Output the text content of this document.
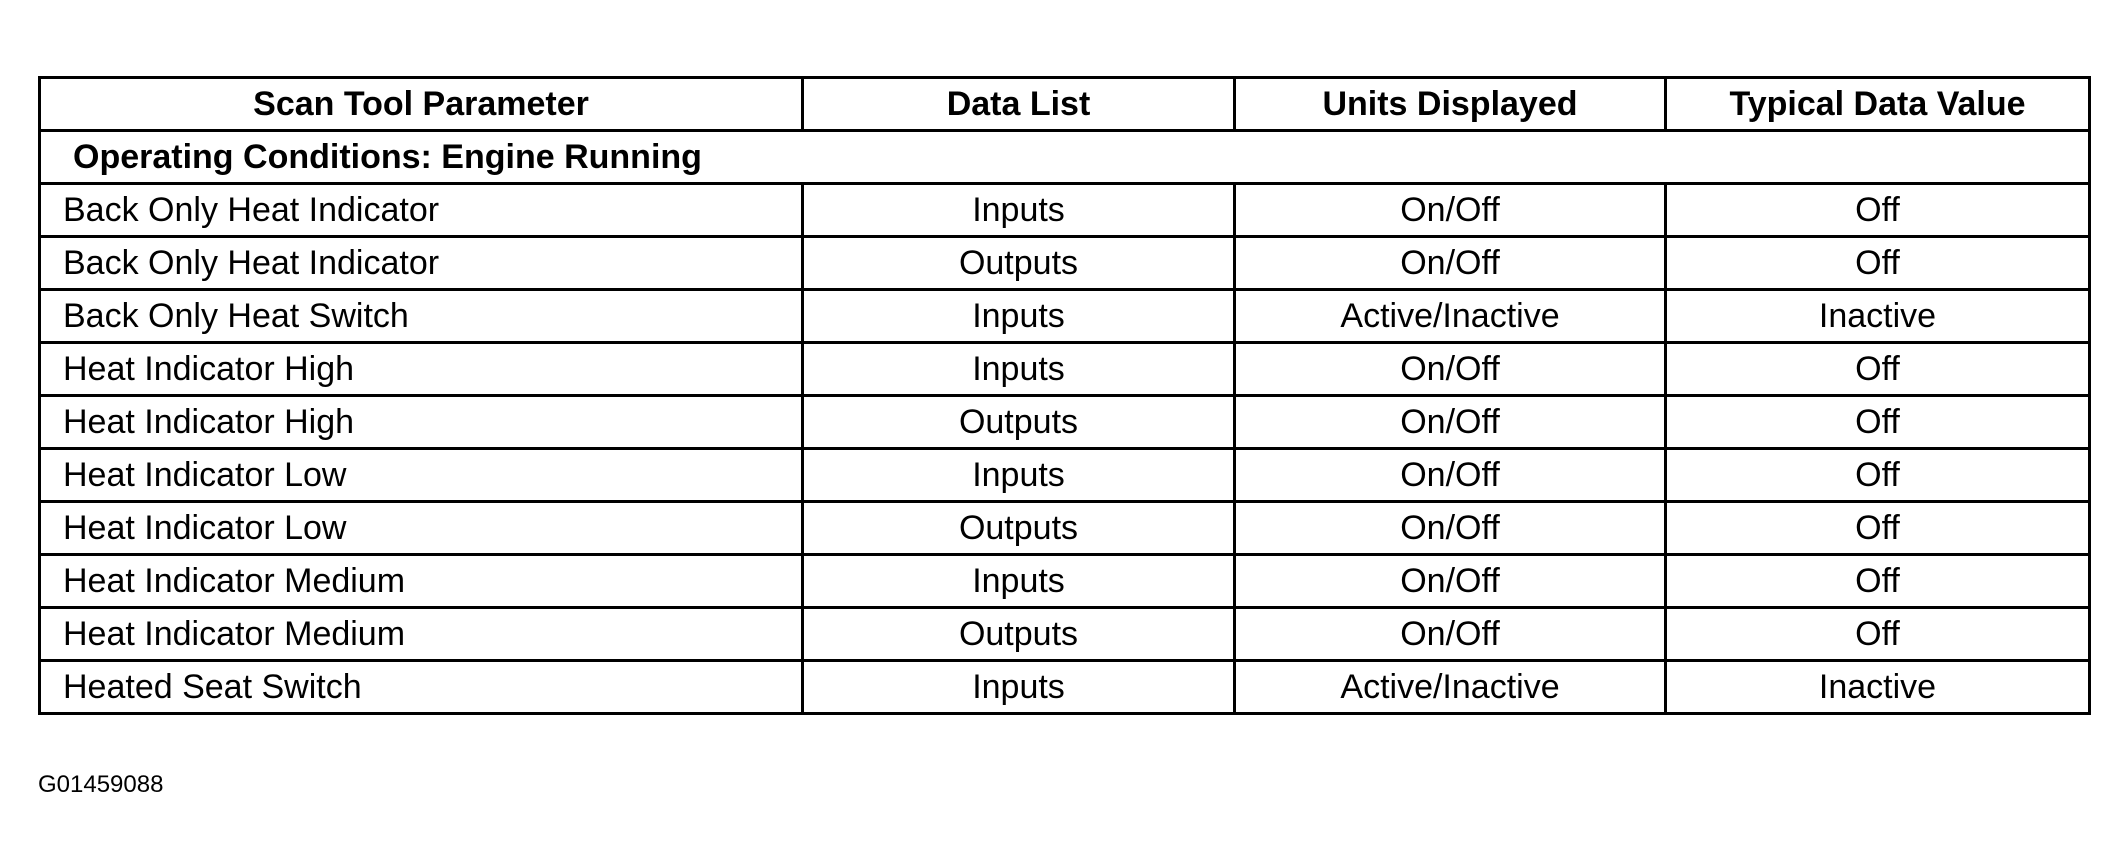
Scan Tool Parameter	Data List	Units Displayed	Typical Data Value
Operating Conditions: Engine Running			
Back Only Heat Indicator	Inputs	On/Off	Off
Back Only Heat Indicator	Outputs	On/Off	Off
Back Only Heat Switch	Inputs	Active/Inactive	Inactive
Heat Indicator High	Inputs	On/Off	Off
Heat Indicator High	Outputs	On/Off	Off
Heat Indicator Low	Inputs	On/Off	Off
Heat Indicator Low	Outputs	On/Off	Off
Heat Indicator Medium	Inputs	On/Off	Off
Heat Indicator Medium	Outputs	On/Off	Off
Heated Seat Switch	Inputs	Active/Inactive	Inactive
G01459088
